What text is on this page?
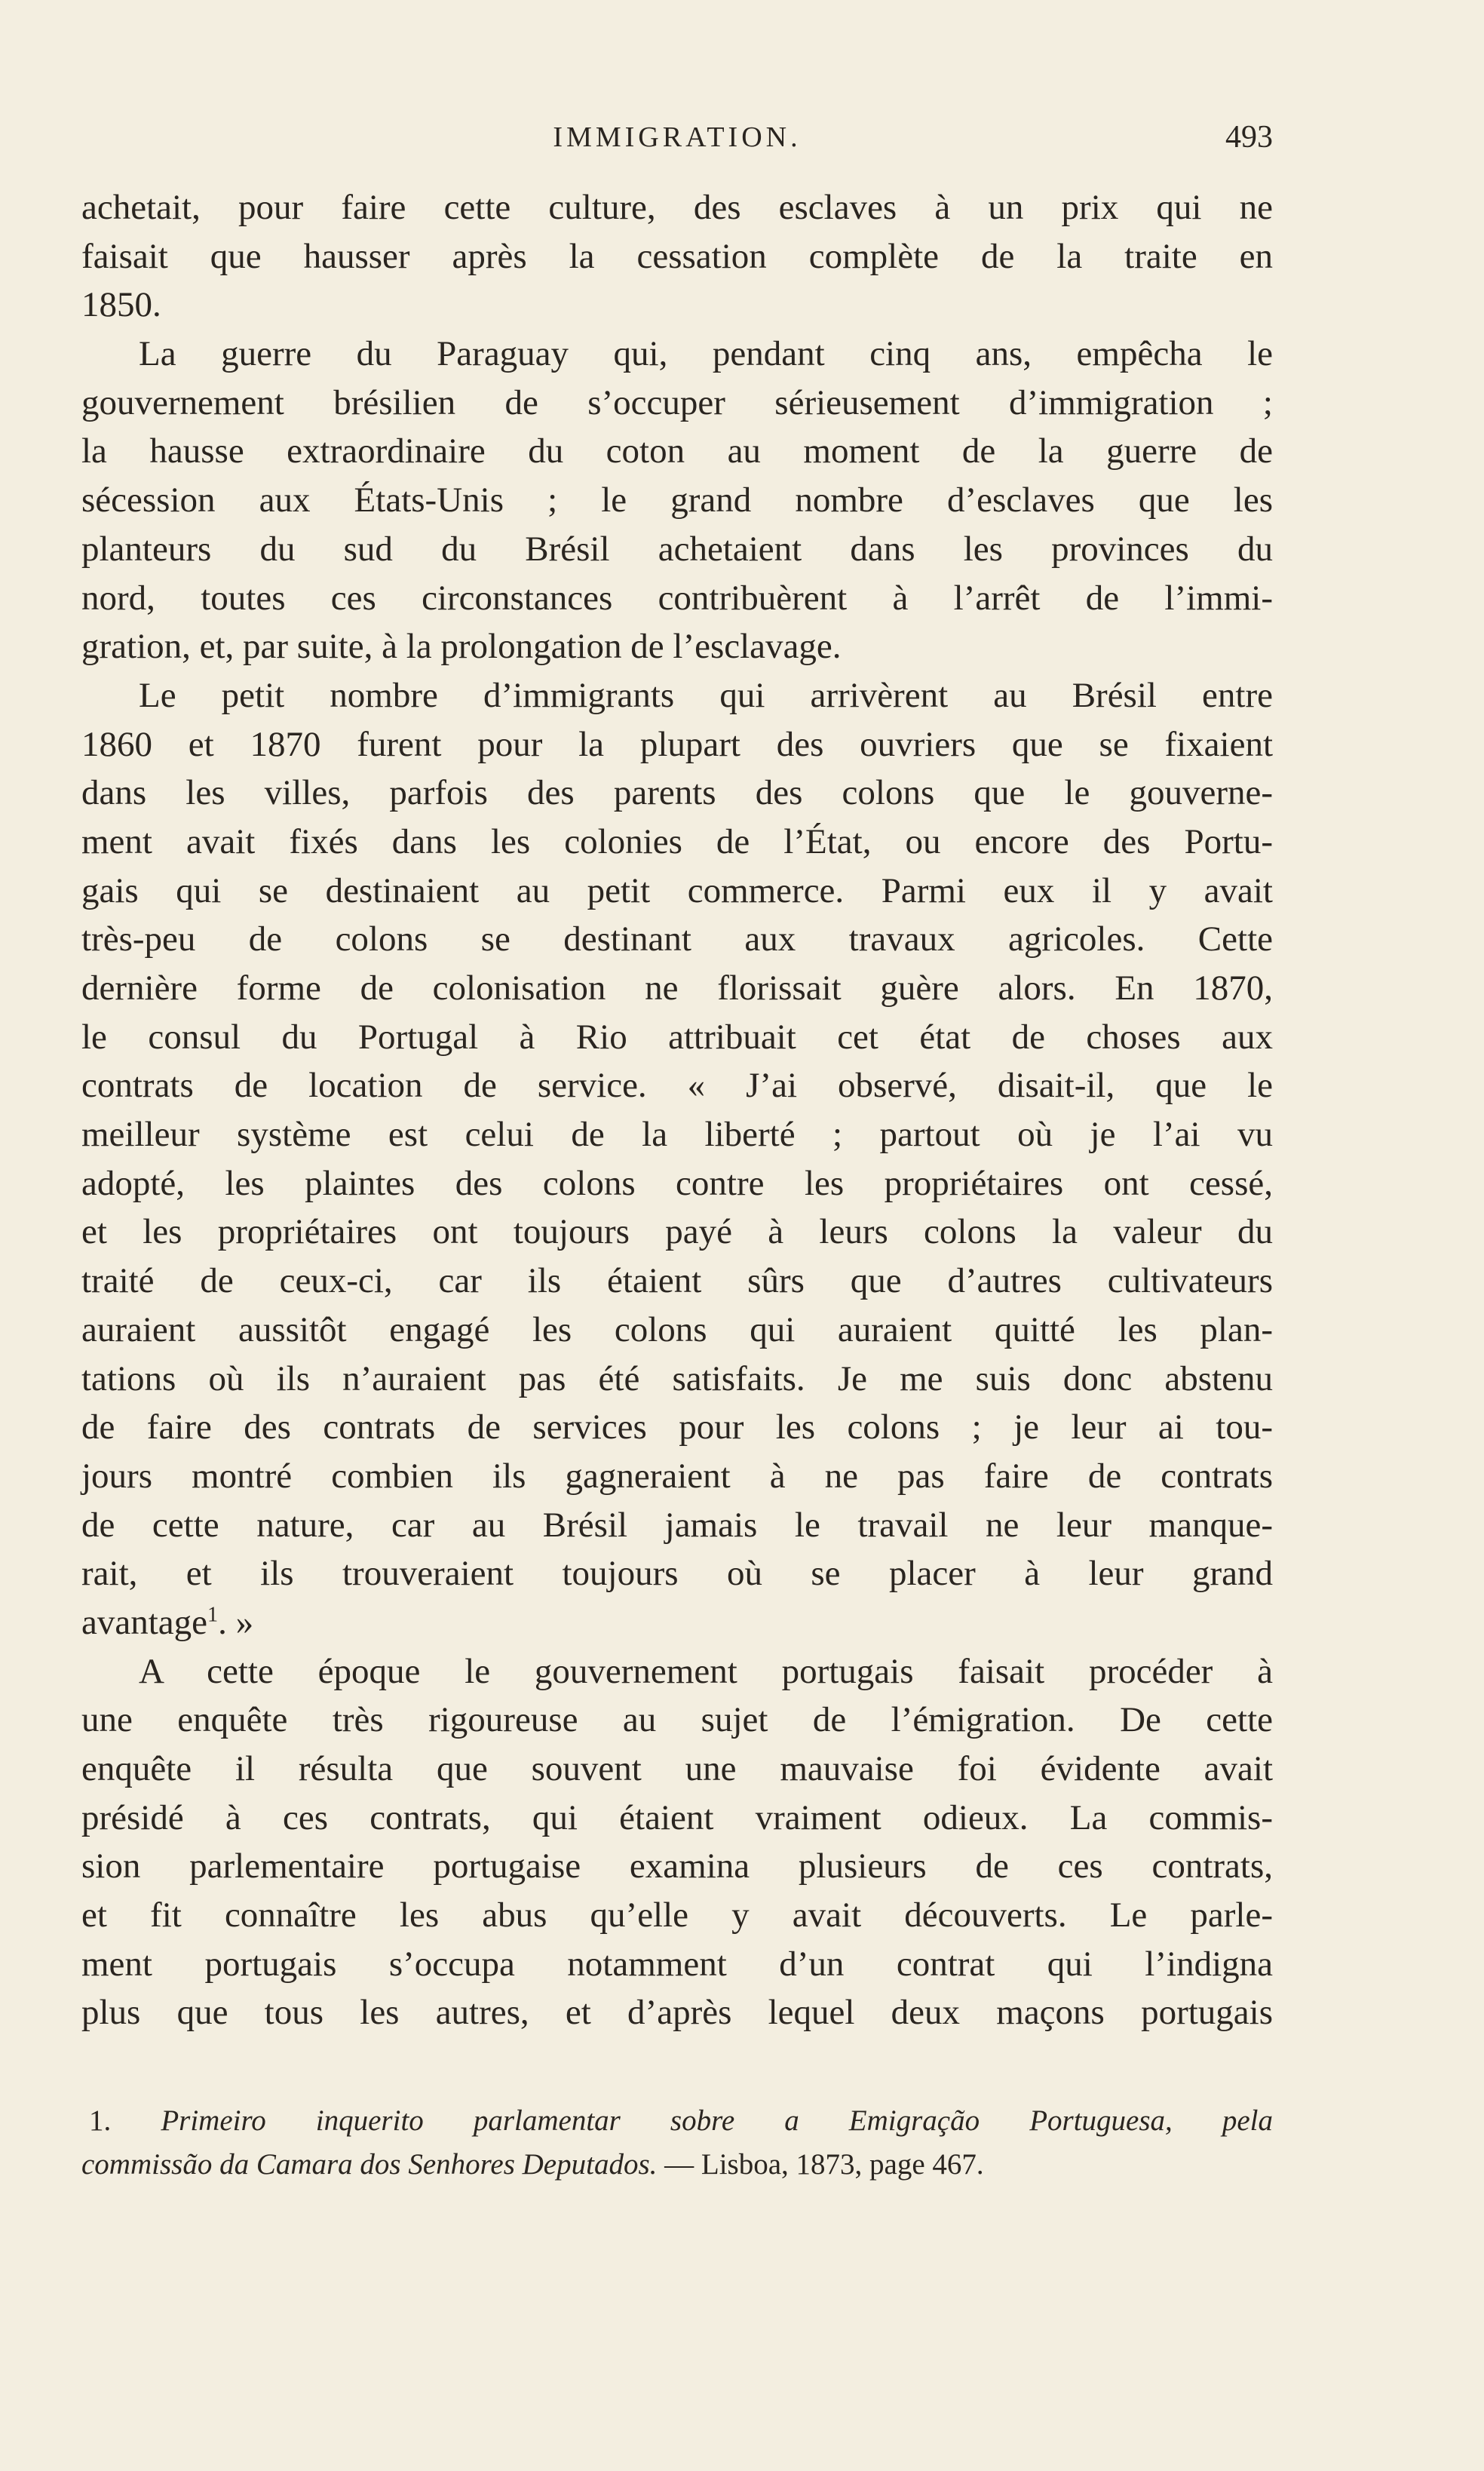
IMMIGRATION.	493
achetait, pour faire cette culture, des esclaves à un prix qui ne
faisait que hausser après la cessation complète de la traite en
1850.
La guerre du Paraguay qui, pendant cinq ans, empêcha le
gouvernement brésilien de s’occuper sérieusement d’immigration ;
la hausse extraordinaire du coton au moment de la guerre de
sécession aux États-Unis ; le grand nombre d’esclaves que les
planteurs du sud du Brésil achetaient dans les provinces du
nord, toutes ces circonstances contribuèrent à l’arrêt de l’immi-
gration, et, par suite, à la prolongation de l’esclavage.
Le petit nombre d’immigrants qui arrivèrent au Brésil entre
1860 et 1870 furent pour la plupart des ouvriers que se fixaient
dans les villes, parfois des parents des colons que le gouverne-
ment avait fixés dans les colonies de l’État, ou encore des Portu-
gais qui se destinaient au petit commerce. Parmi eux il y avait
très-peu de colons se destinant aux travaux agricoles. Cette
dernière forme de colonisation ne florissait guère alors. En 1870,
le consul du Portugal à Rio attribuait cet état de choses aux
contrats de location de service. « J’ai observé, disait-il, que le
meilleur système est celui de la liberté ; partout où je l’ai vu
adopté, les plaintes des colons contre les propriétaires ont cessé,
et les propriétaires ont toujours payé à leurs colons la valeur du
traité de ceux-ci, car ils étaient sûrs que d’autres cultivateurs
auraient aussitôt engagé les colons qui auraient quitté les plan-
tations où ils n’auraient pas été satisfaits. Je me suis donc abstenu
de faire des contrats de services pour les colons ; je leur ai tou-
jours montré combien ils gagneraient à ne pas faire de contrats
de cette nature, car au Brésil jamais le travail ne leur manque-
rait, et ils trouveraient toujours où se placer à leur grand
avantage$^1$. »
A cette époque le gouvernement portugais faisait procéder à
une enquête très rigoureuse au sujet de l’émigration. De cette
enquête il résulta que souvent une mauvaise foi évidente avait
présidé à ces contrats, qui étaient vraiment odieux. La commis-
sion parlementaire portugaise examina plusieurs de ces contrats,
et fit connaître les abus qu’elle y avait découverts. Le parle-
ment portugais s’occupa notamment d’un contrat qui l’indigna
plus que tous les autres, et d’après lequel deux maçons portugais
1. Primeiro inquerito parlamentar sobre a Emigração Portuguesa, pela
commissão da Camara dos Senhores Deputados. — Lisboa, 1873, page 467.
